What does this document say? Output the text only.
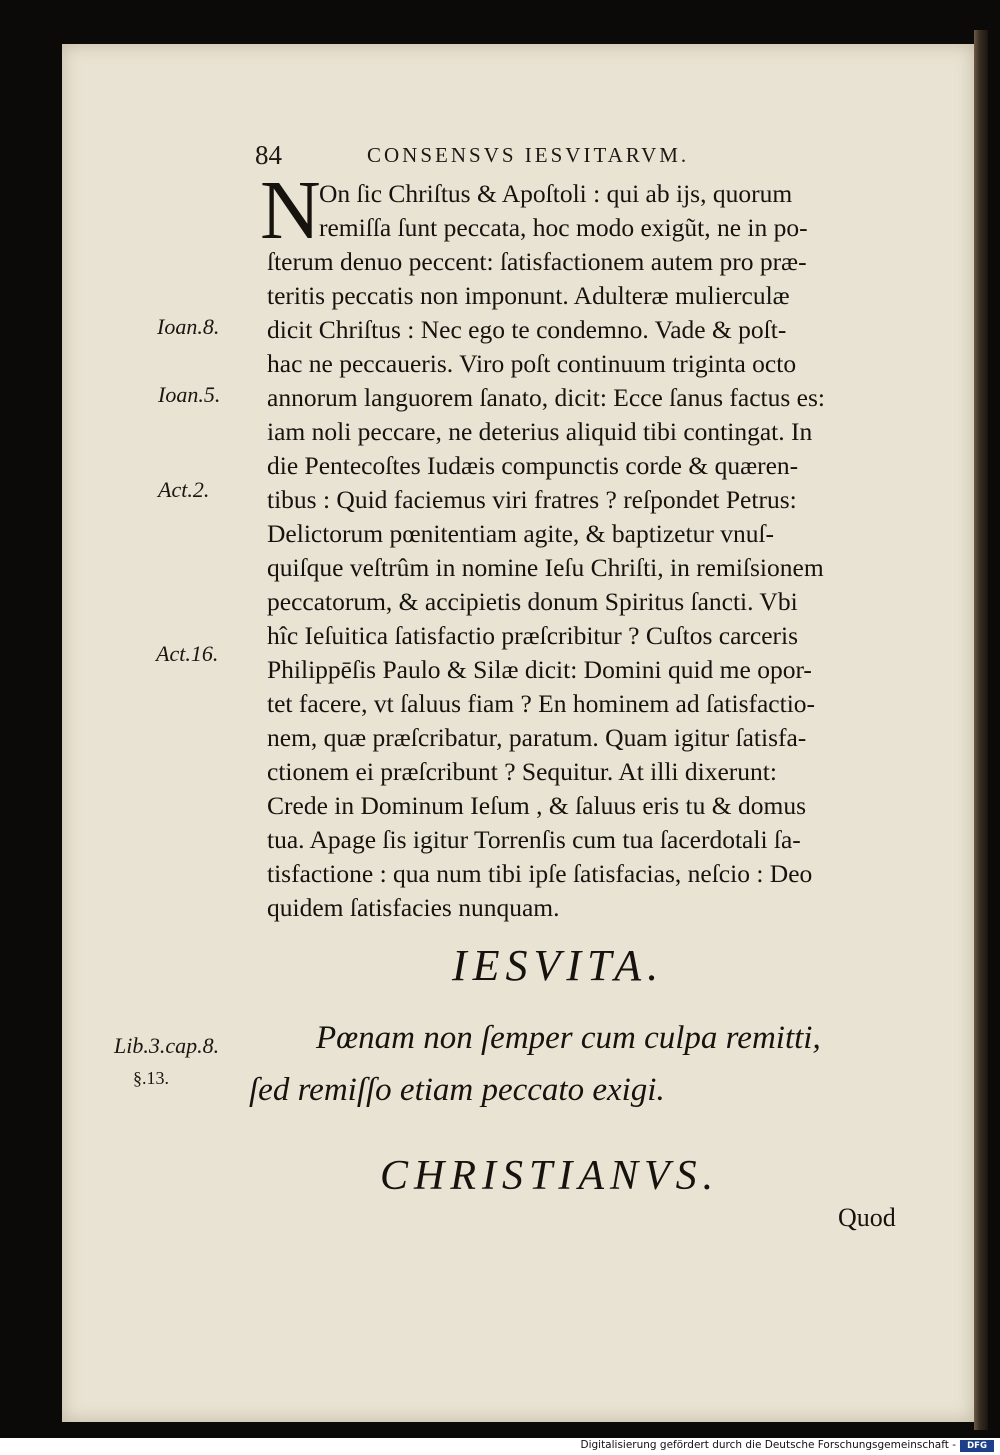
84	CONSENSVS IESVITARVM.
N
On ſic Chriſtus & Apoſtoli : qui ab ijs, quorum
remiſſa ſunt peccata, hoc modo exigũt, ne in po-
ſterum denuo peccent: ſatisfactionem autem pro præ-
teritis peccatis non imponunt. Adulteræ mulierculæ
dicit Chriſtus : Nec ego te condemno. Vade & poſt-
hac ne peccaueris. Viro poſt continuum triginta octo
annorum languorem ſanato, dicit: Ecce ſanus factus es:
iam noli peccare, ne deterius aliquid tibi contingat. In
die Pentecoſtes Iudæis compunctis corde & quæren-
tibus : Quid faciemus viri fratres ? reſpondet Petrus:
Delictorum pœnitentiam agite, & baptizetur vnuſ-
quiſque veſtrûm in nomine Ieſu Chriſti, in remiſsionem
peccatorum, & accipietis donum Spiritus ſancti. Vbi
hîc Ieſuitica ſatisfactio præſcribitur ? Cuſtos carceris
Philippēſis Paulo & Silæ dicit: Domini quid me opor-
tet facere, vt ſaluus fiam ? En hominem ad ſatisfactio-
nem, quæ præſcribatur, paratum. Quam igitur ſatisfa-
ctionem ei præſcribunt ? Sequitur. At illi dixerunt:
Crede in Dominum Ieſum , & ſaluus eris tu & domus
tua. Apage ſis igitur Torrenſis cum tua ſacerdotali ſa-
tisfactione : qua num tibi ipſe ſatisfacias, neſcio : Deo
quidem ſatisfacies nunquam.
Ioan.8.
Ioan.5.
Act.2.
Act.16.
Lib.3.cap.8.
§.13.
IESVITA.
Pœnam non ſemper cum culpa remitti,
ſed remiſſo etiam peccato exigi.
CHRISTIANVS.
Quod
Digitalisierung gefördert durch die Deutsche Forschungsgemeinschaft -	DFG
